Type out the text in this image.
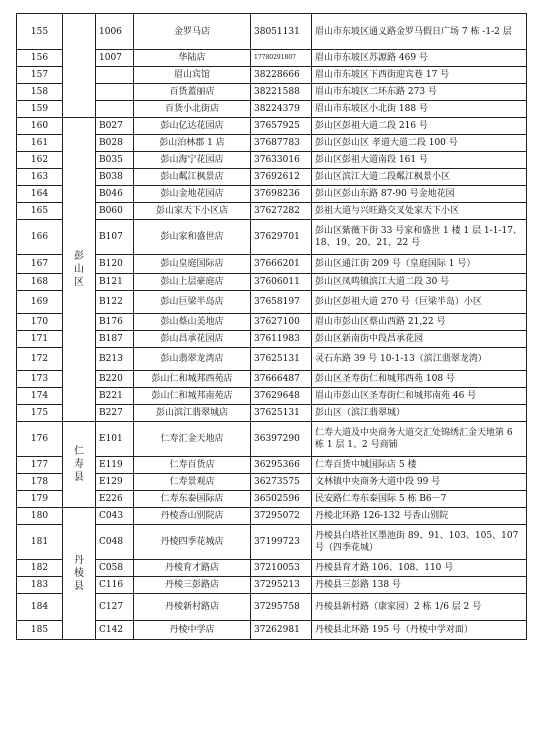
155		1006	金罗马店	38051131	眉山市东坡区通义路金罗马假日广场 7 栋 -1-2 层
156		1007	华陆店	17780291807	眉山市东坡区苏源路 469 号
157			眉山宾馆	38228666	眉山市东坡区下西街迎宾巷 17 号
158			百货蓋丽店	38221588	眉山市东坡区二环东路 273 号
159			百货小北街店	38224379	眉山市东坡区小北街 188 号
160	彭山区	B027	彭山亿达花园店	37657925	彭山区彭祖大道二段 216 号
161		B028	彭山泊林郡 1 店	37687783	彭山区彭山区 孝道大道二段 100 号
162		B035	彭山海宁花园店	37633016	彭山区彭祖大道南段 161 号
163		B038	彭山粼江枫景店	37692612	彭山区滨江大道二段粼江枫景小区
164		B046	彭山金地花园店	37698236	彭山区彭山东路 87-90 号金地花园
165		B060	彭山家天下小区店	37627282	彭祖大道与兴旺路交叉处家天下小区
166		B107	彭山家和盛世店	37629701	彭山区紫薇下街 33 号家和盛世 1 楼 1 层 1-1-17、18、19、20、21、22 号
167		B120	彭山皇庭国际店	37666201	彭山区通江街 209 号（皇庭国际 1 号）
168		B121	彭山上层豪庭店	37606011	彭山区凤鸣镇滨江大道二段 30 号
169		B122	彭山巨梁半岛店	37658197	彭山区彭祖大道 270 号（巨梁半岛）小区
170		B176	彭山蔡山美地店	37627100	眉山市彭山区蔡山西路 21,22 号
171		B187	彭山昌承花园店	37611983	彭山区新南街中段昌承花园
172		B213	彭山翡翠龙湾店	37625131	灵石东路 39 号 10-1-13（滨江翡翠龙湾）
173		B220	彭山仁和城邦西苑店	37666487	彭山区圣寿街仁和城邦西苑 108 号
174		B221	彭山仁和城邦南苑店	37629648	眉山市彭山区圣寿街仁和城邦南苑 46 号
175		B227	彭山滨江翡翠城店	37625131	彭山区（滨江翡翠城）
176	仁寿县	E101	仁寿汇金天地店	36397290	仁寿大道及中央商务大道交汇处锦绣汇金天地第 6 栋 1 层 1、2 号商铺
177		E119	仁寿百货店	36295366	仁寿百货中城国际店 5 楼
178		E129	仁寿景观店	36273575	文林镇中央商务大道中段 99 号
179		E226	仁寿东泰国际店	36502596	民安路仁寿东泰国际 5 栋 B6－7
180	丹棱县	C043	丹棱香山别院店	37295072	丹棱北环路 126-132 号香山别院
181		C048	丹棱四季花城店	37199723	丹棱县白塔社区墨池街 89、91、103、105、107 号（四季花城）
182		C058	丹棱育才路店	37210053	丹棱县育才路 106、108、110 号
183		C116	丹棱三彭路店	37295213	丹棱县三彭路 138 号
184		C127	丹棱新村路店	37295758	丹棱县新村路（康家园）2 栋 1/6 层 2 号
185		C142	丹棱中学店	37262981	丹棱县北环路 195 号（丹棱中学对面）
